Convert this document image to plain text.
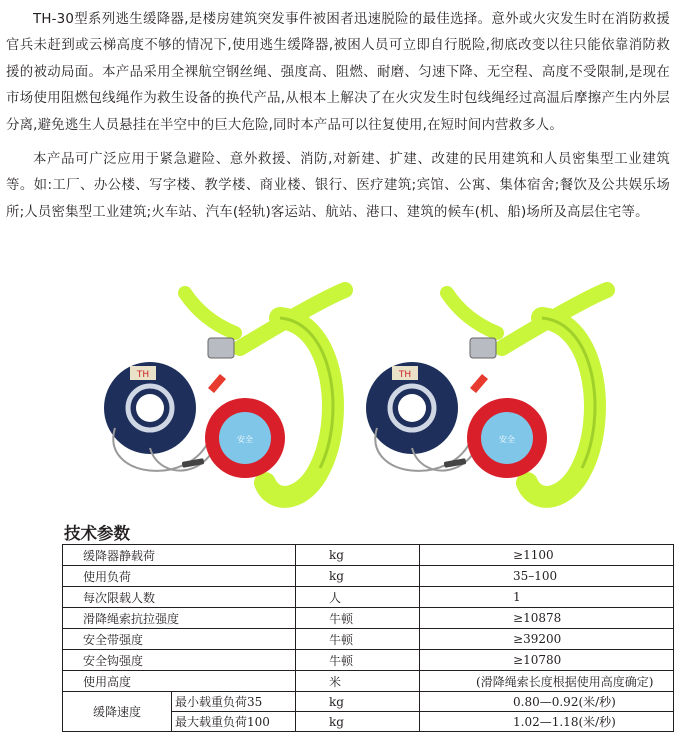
TH-30型系列逃生缓降器,是楼房建筑突发事件被困者迅速脱险的最佳选择。意外或火灾发生时在消防救援官兵未赶到或云梯高度不够的情况下,使用逃生缓降器,被困人员可立即自行脱险,彻底改变以往只能依靠消防救援的被动局面。本产品采用全裸航空钢丝绳、强度高、阻燃、耐磨、匀速下降、无空程、高度不受限制,是现在市场使用阻燃包线绳作为救生设备的换代产品,从根本上解决了在火灾发生时包线绳经过高温后摩擦产生内外层分离,避免逃生人员悬挂在半空中的巨大危险,同时本产品可以往复使用,在短时间内营救多人。
本产品可广泛应用于紧急避险、意外救援、消防,对新建、扩建、改建的民用建筑和人员密集型工业建筑等。如:工厂、办公楼、写字楼、教学楼、商业楼、银行、医疗建筑;宾馆、公寓、集体宿舍;餐饮及公共娱乐场所;人员密集型工业建筑;火车站、汽车(轻轨)客运站、航站、港口、建筑的候车(机、船)场所及高层住宅等。
TH
安全
TH
安全
技术参数
缓降器静载荷		kg	≥1100
使用负荷		kg	35–100
每次限载人数		人	1
滑降绳索抗拉强度		牛顿	≥10878
安全带强度		牛顿	≥39200
安全钩强度		牛顿	≥10780
使用高度		米	(滑降绳索长度根据使用高度确定)
缓降速度	最小载重负荷35	kg	0.80—0.92(米/秒)
	最大载重负荷100	kg	1.02—1.18(米/秒)
